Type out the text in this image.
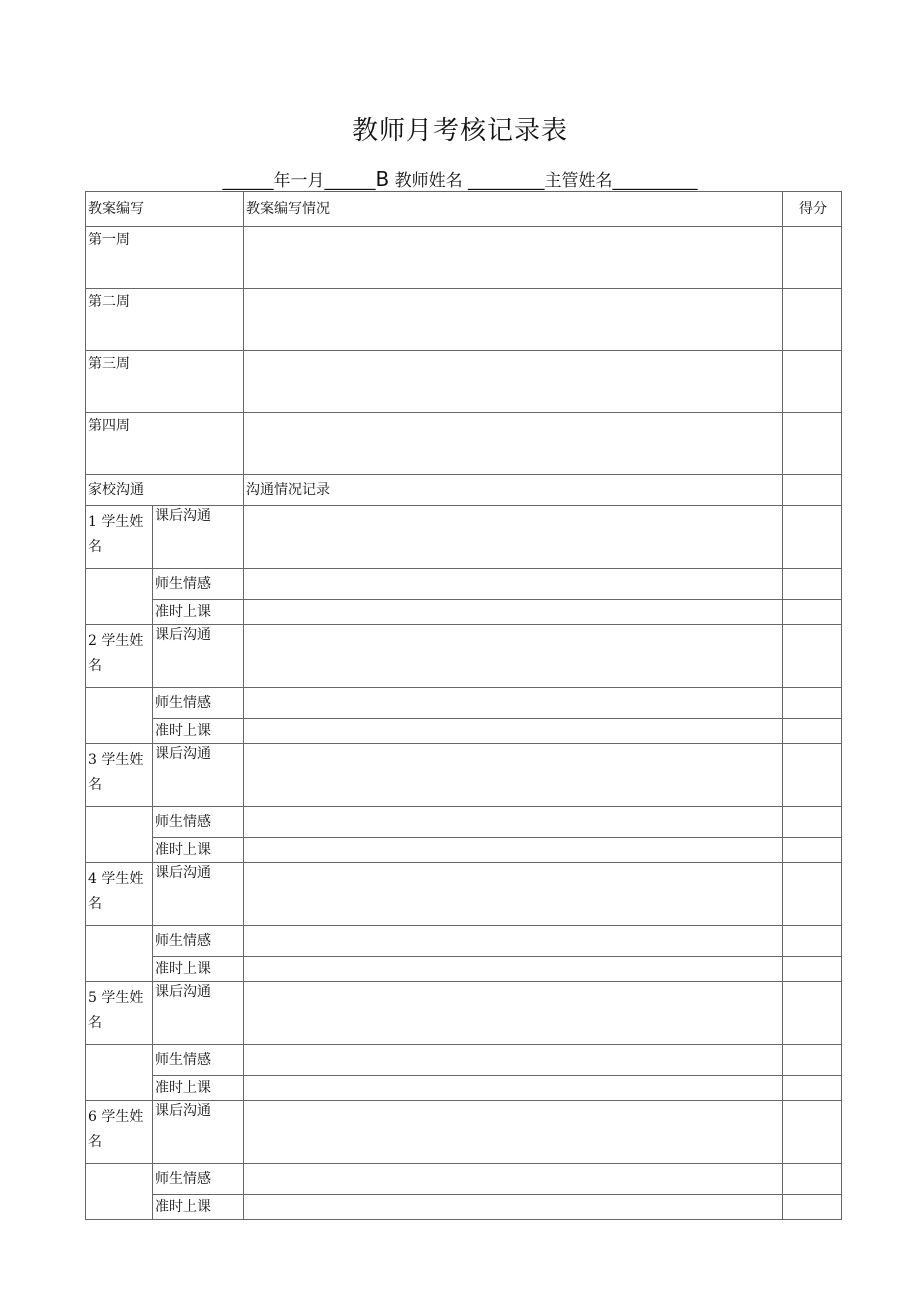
教师月考核记录表
______年一月______B 教师姓名 _________主管姓名__________
教案编写		教案编写情况	得分

第一周			

第二周			

第三周			

第四周			

家校沟通		沟通情况记录	

1 学生姓名	课后沟通		
	师生情感		
	准时上课		

2 学生姓名	课后沟通		
	师生情感		
	准时上课		

3 学生姓名	课后沟通		
	师生情感		
	准时上课		

4 学生姓名	课后沟通		
	师生情感		
	准时上课		

5 学生姓名	课后沟通		
	师生情感		
	准时上课		

6 学生姓名	课后沟通		
	师生情感		
	准时上课		
